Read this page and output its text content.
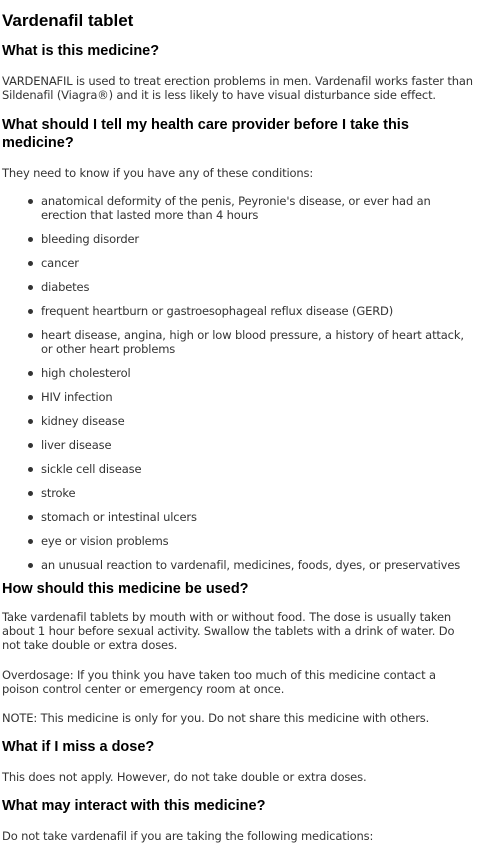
Vardenafil tablet
What is this medicine?

VARDENAFIL is used to treat erection problems in men. Vardenafil works faster than Sildenafil (Viagra®) and it is less likely to have visual disturbance side effect.

What should I tell my health care provider before I take this medicine?

They need to know if you have any of these conditions:

anatomical deformity of the penis, Peyronie's disease, or ever had an erection that lasted more than 4 hours
bleeding disorder
cancer
diabetes
frequent heartburn or gastroesophageal reflux disease (GERD)
heart disease, angina, high or low blood pressure, a history of heart attack, or other heart problems
high cholesterol
HIV infection
kidney disease
liver disease
sickle cell disease
stroke
stomach or intestinal ulcers
eye or vision problems
an unusual reaction to vardenafil, medicines, foods, dyes, or preservatives
How should this medicine be used?

Take vardenafil tablets by mouth with or without food. The dose is usually taken about 1 hour before sexual activity. Swallow the tablets with a drink of water. Do not take double or extra doses.

Overdosage: If you think you have taken too much of this medicine contact a poison control center or emergency room at once.

NOTE: This medicine is only for you. Do not share this medicine with others.

What if I miss a dose?

This does not apply. However, do not take double or extra doses.

What may interact with this medicine?

Do not take vardenafil if you are taking the following medications:
